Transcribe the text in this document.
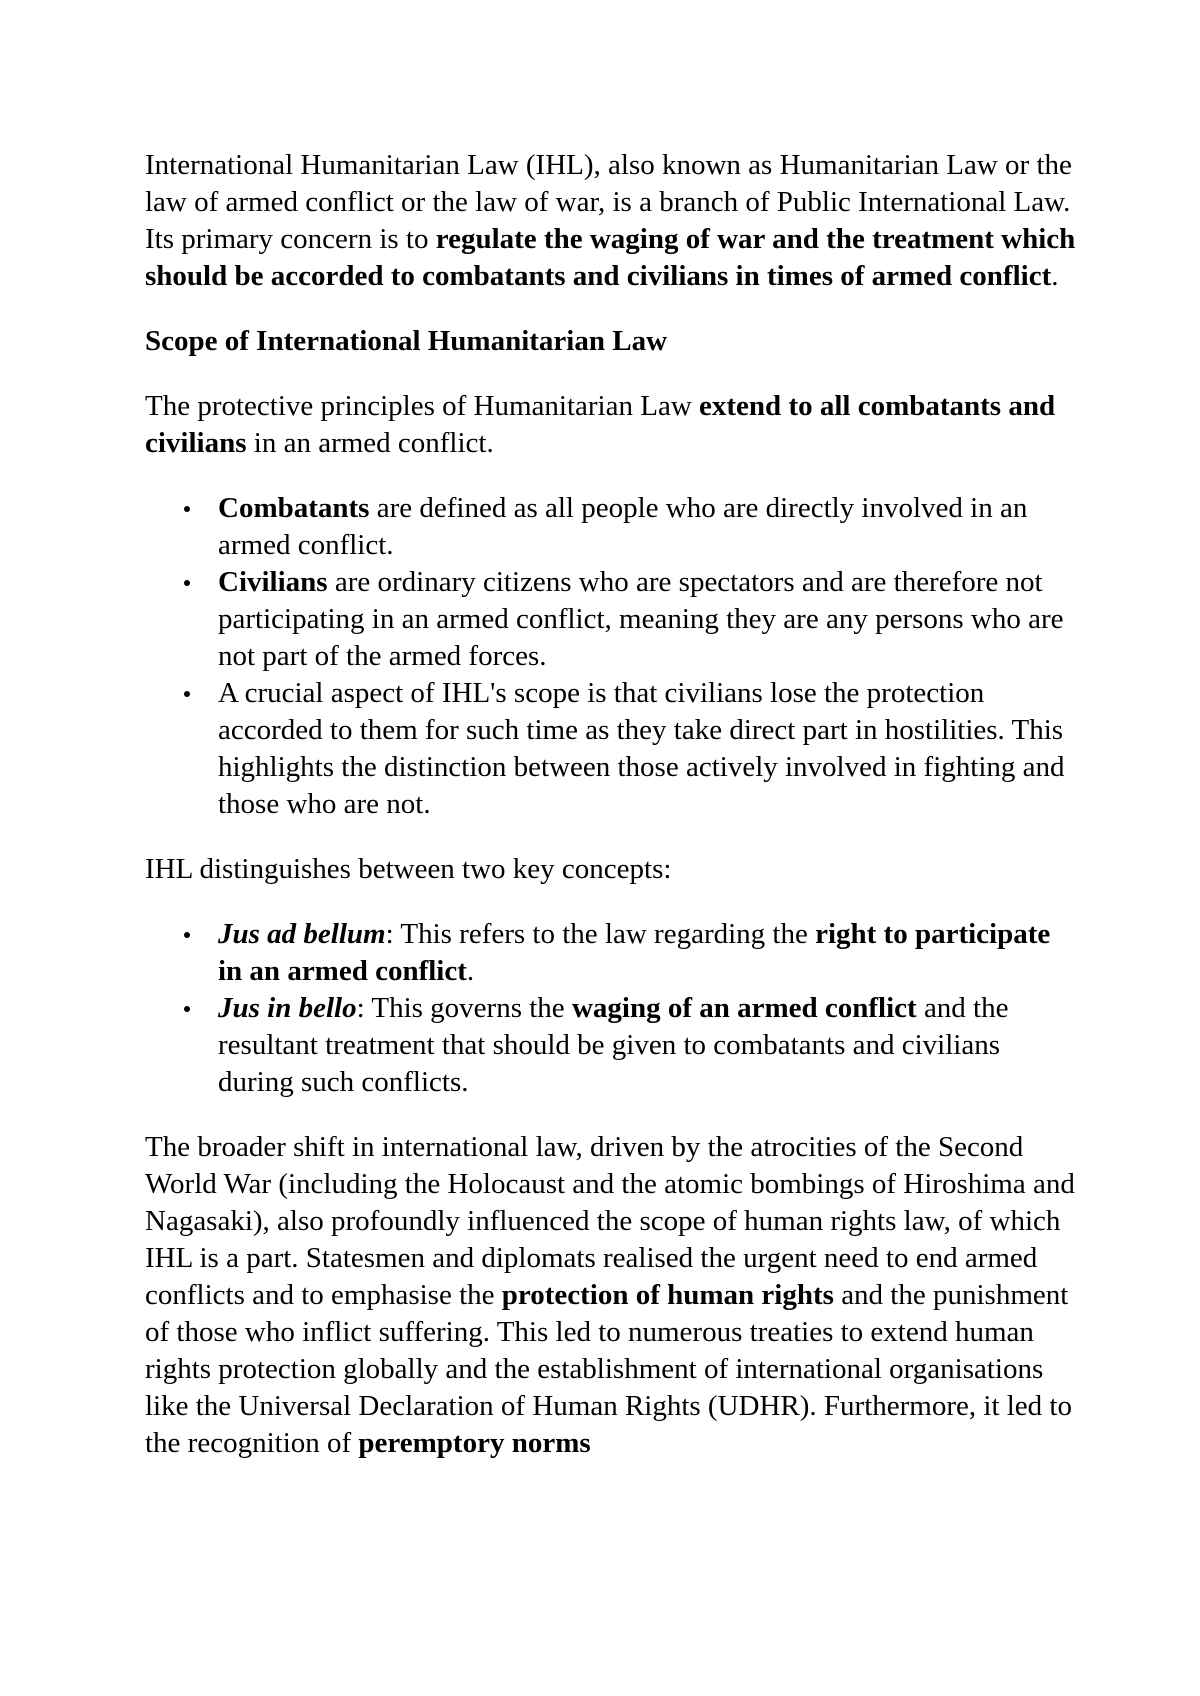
International Humanitarian Law (IHL), also known as Humanitarian Law or the law of armed conflict or the law of war, is a branch of Public International Law. Its primary concern is to regulate the waging of war and the treatment which should be accorded to combatants and civilians in times of armed conflict.

Scope of International Humanitarian Law

The protective principles of Humanitarian Law extend to all combatants and civilians in an armed conflict.

Combatants are defined as all people who are directly involved in an armed conflict.
Civilians are ordinary citizens who are spectators and are therefore not participating in an armed conflict, meaning they are any persons who are not part of the armed forces.
A crucial aspect of IHL's scope is that civilians lose the protection accorded to them for such time as they take direct part in hostilities. This highlights the distinction between those actively involved in fighting and those who are not.

IHL distinguishes between two key concepts:

Jus ad bellum: This refers to the law regarding the right to participate in an armed conflict.
Jus in bello: This governs the waging of an armed conflict and the resultant treatment that should be given to combatants and civilians during such conflicts.

The broader shift in international law, driven by the atrocities of the Second World War (including the Holocaust and the atomic bombings of Hiroshima and Nagasaki), also profoundly influenced the scope of human rights law, of which IHL is a part. Statesmen and diplomats realised the urgent need to end armed conflicts and to emphasise the protection of human rights and the punishment of those who inflict suffering. This led to numerous treaties to extend human rights protection globally and the establishment of international organisations like the Universal Declaration of Human Rights (UDHR). Furthermore, it led to the recognition of peremptory norms
